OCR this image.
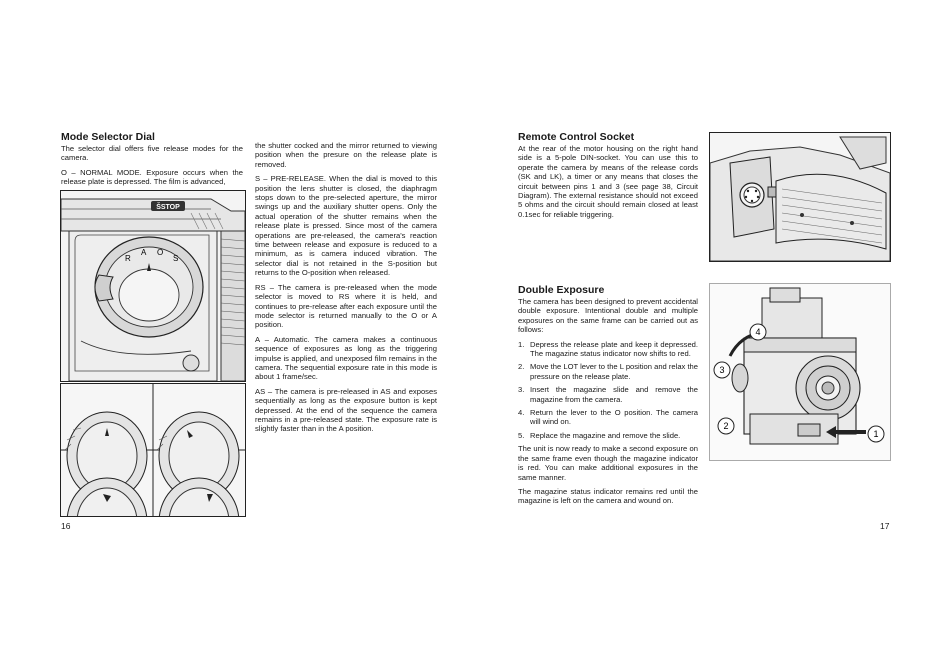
Mode Selector Dial

The selector dial offers five release modes for the camera.

O – NORMAL MODE. Exposure occurs when the release plate is depressed. The film is advanced,

ŠSTOP
R
A O
S
16

the shutter cocked and the mirror returned to viewing position when the presure on the release plate is removed.

S – PRE-RELEASE. When the dial is moved to this position the lens shutter is closed, the diaphragm stops down to the pre-selected aperture, the mirror swings up and the auxiliary shutter opens. Only the actual operation of the shutter remains when the release plate is pressed. Since most of the camera operations are pre-released, the camera's reaction time between release and exposure is reduced to a minimum, as is camera induced vibration. The selector dial is not retained in the S-position but returns to the O-position when released.

RS – The camera is pre-released when the mode selector is moved to RS where it is held, and continues to pre-release after each exposure until the mode selector is returned manually to the O or A position.

A – Automatic. The camera makes a continuous sequence of exposures as long as the triggering impulse is applied, and unexposed film remains in the camera. The sequential exposure rate in this mode is about 1 frame/sec.

AS – The camera is pre-released in AS and exposes sequentially as long as the exposure button is kept depressed. At the end of the sequence the camera remains in a pre-released state. The exposure rate is slightly faster than in the A position.

Remote Control Socket

At the rear of the motor housing on the right hand side is a 5-pole DIN-socket. You can use this to operate the camera by means of the release cords (SK and LK), a timer or any means that closes the circuit between pins 1 and 3 (see page 38, Circuit Diagram). The external resistance should not exceed 5 ohms and the circuit should remain closed at least 0.1sec for reliable triggering.

Double Exposure

The camera has been designed to prevent accidental double exposure. Intentional double and multiple exposures on the same frame can be carried out as follows:

1. Depress the release plate and keep it depressed. The magazine status indicator now shifts to red.
2. Move the LOT lever to the L position and relax the pressure on the release plate.
3. Insert the magazine slide and remove the magazine from the camera.
4. Return the lever to the O position. The camera will wind on.
5. Replace the magazine and remove the slide.

The unit is now ready to make a second exposure on the same frame even though the magazine indicator is red. You can make additional exposures in the same manner.

The magazine status indicator remains red until the magazine is left on the camera and wound on.

1
2
3
4
17
